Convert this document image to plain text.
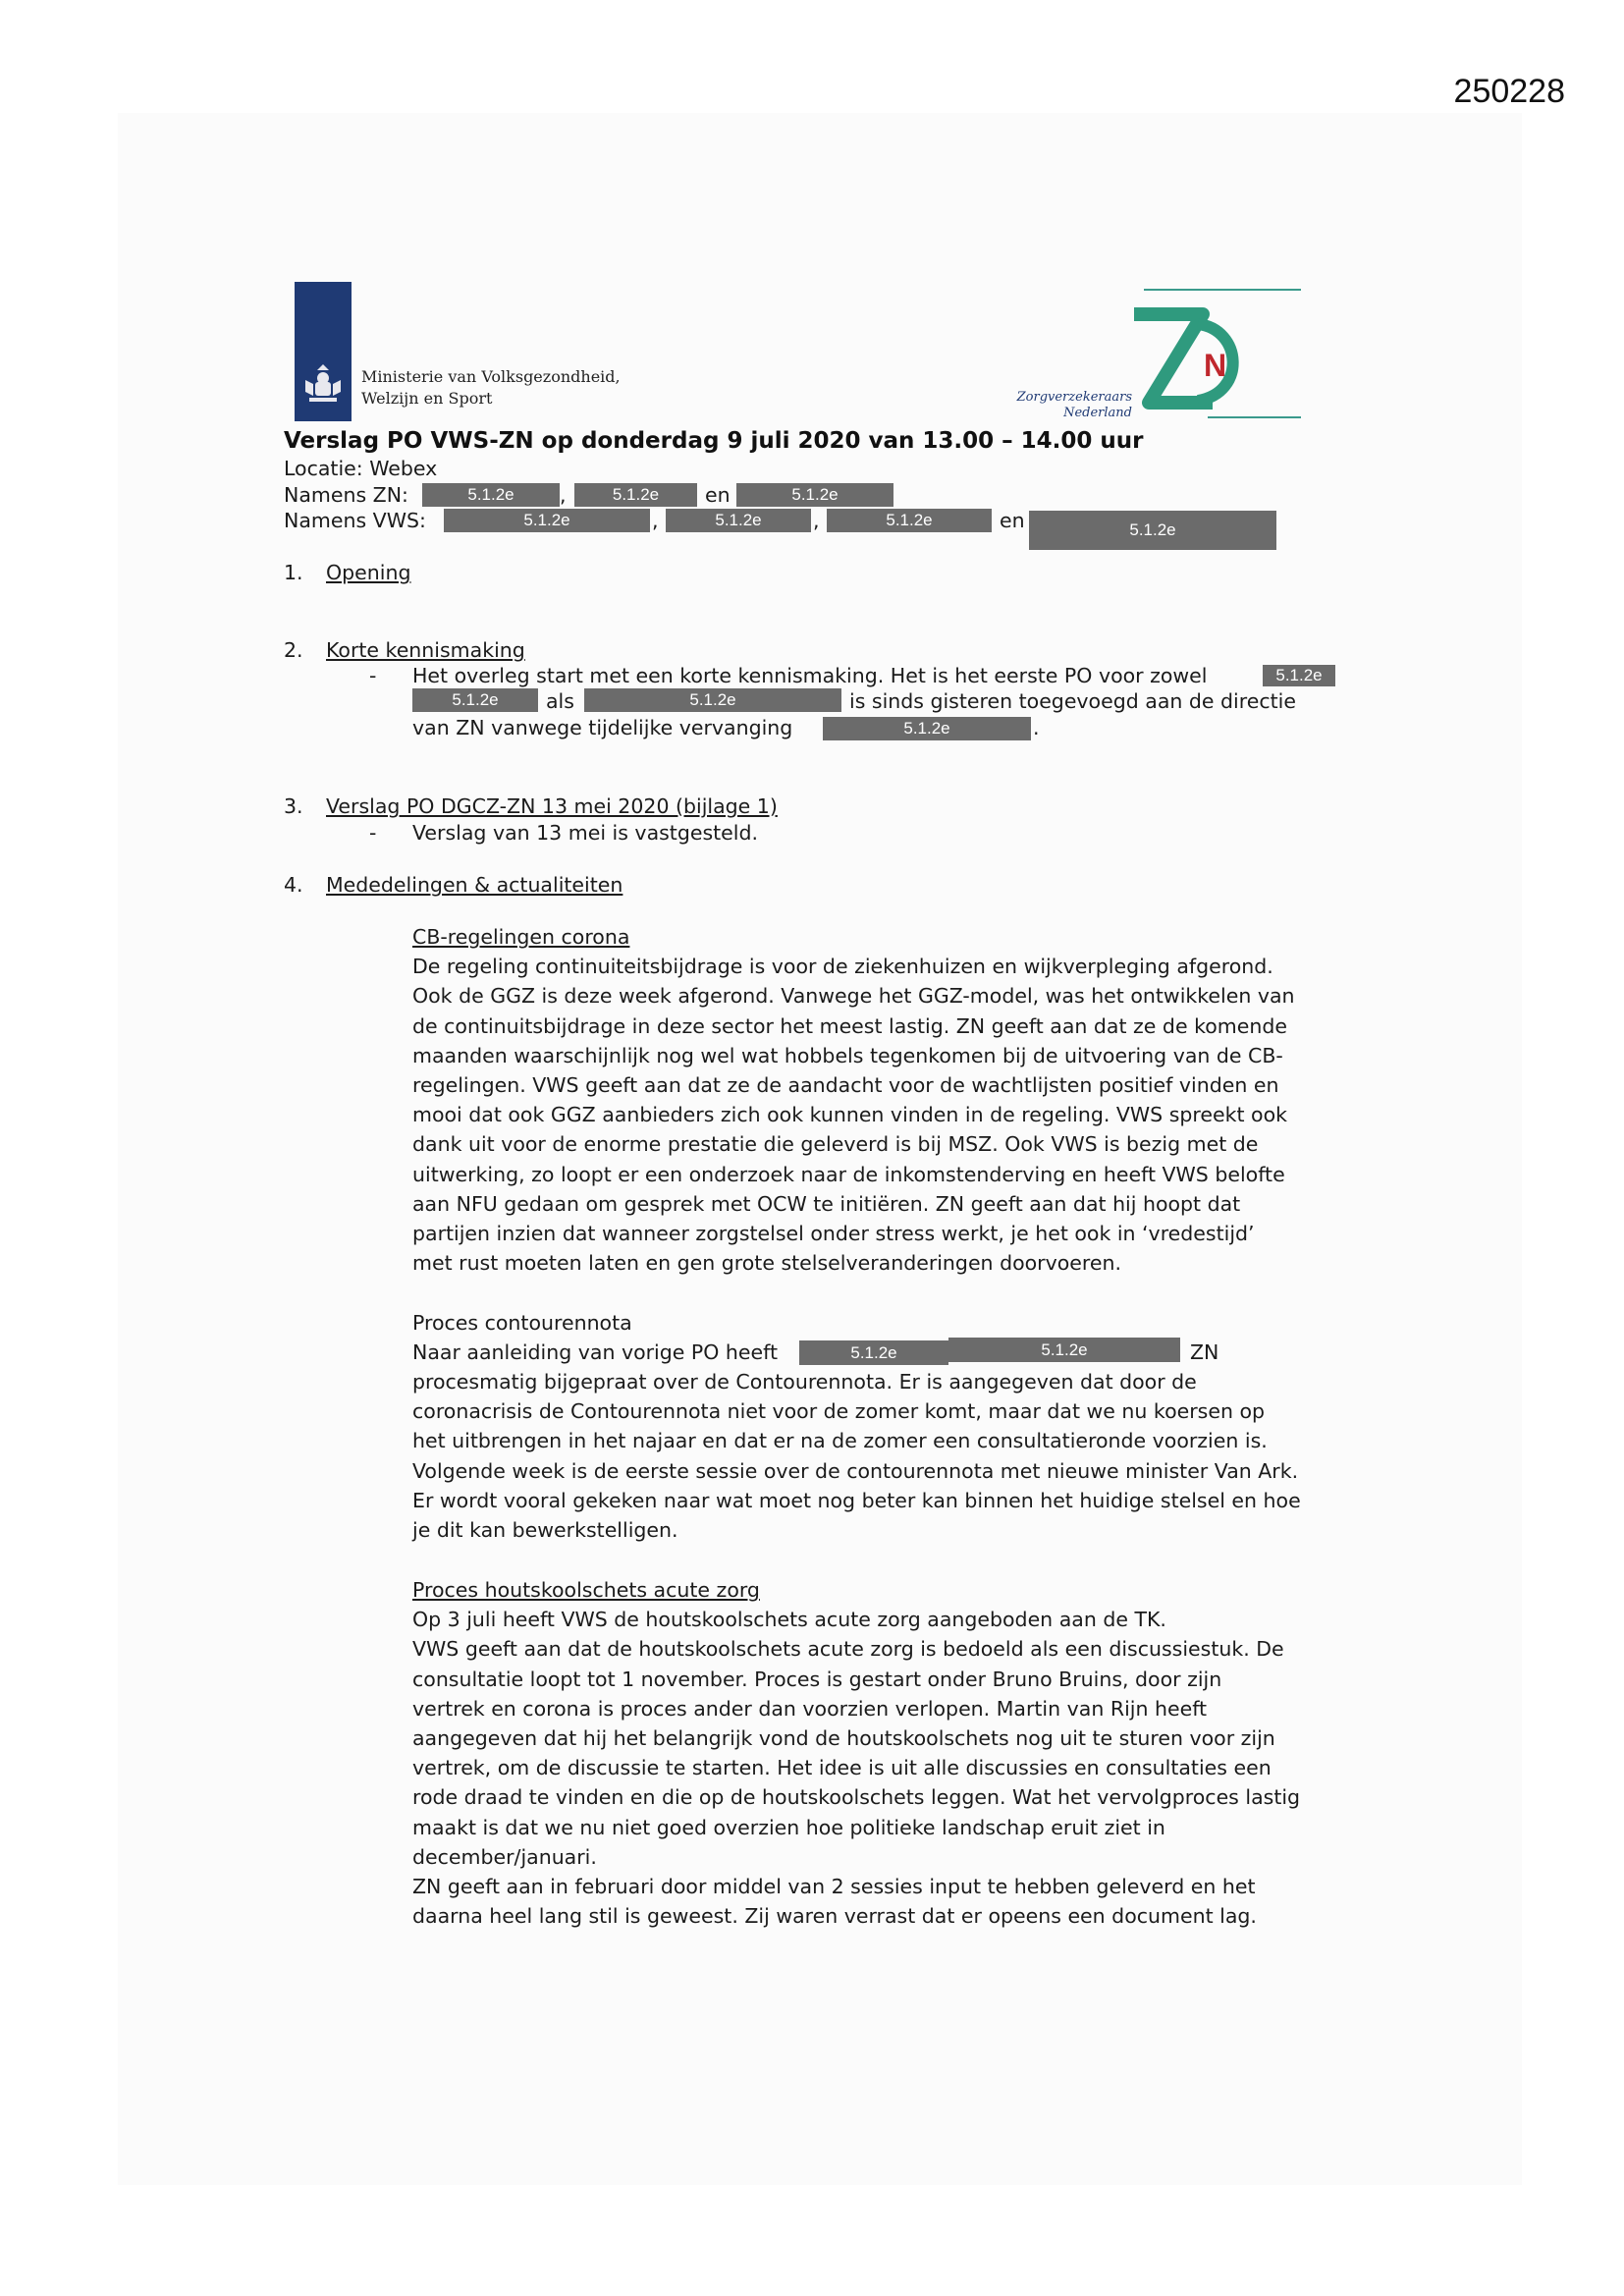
250228
Ministerie van Volksgezondheid,
Welzijn en Sport
N
Zorgverzekeraars
Nederland
Verslag PO VWS-ZN op donderdag 9 juli 2020 van 13.00 – 14.00 uur
Locatie: Webex
Namens ZN:	5.1.2e	,	5.1.2e	en	5.1.2e
Namens VWS:	5.1.2e	,	5.1.2e	,	5.1.2e	en	5.1.2e
1. Opening
2. Korte kennismaking
- Het overleg start met een korte kennismaking. Het is het eerste PO voor zowel	5.1.2e
5.1.2e	als	5.1.2e	is sinds gisteren toegevoegd aan de directie
van ZN vanwege tijdelijke vervanging	5.1.2e	.
3. Verslag PO DGCZ-ZN 13 mei 2020 (bijlage 1)
- Verslag van 13 mei is vastgesteld.
4. Mededelingen & actualiteiten
CB-regelingen corona
De regeling continuiteitsbijdrage is voor de ziekenhuizen en wijkverpleging afgerond.
Ook de GGZ is deze week afgerond. Vanwege het GGZ-model, was het ontwikkelen van
de continuitsbijdrage in deze sector het meest lastig. ZN geeft aan dat ze de komende
maanden waarschijnlijk nog wel wat hobbels tegenkomen bij de uitvoering van de CB-
regelingen. VWS geeft aan dat ze de aandacht voor de wachtlijsten positief vinden en
mooi dat ook GGZ aanbieders zich ook kunnen vinden in de regeling. VWS spreekt ook
dank uit voor de enorme prestatie die geleverd is bij MSZ. Ook VWS is bezig met de
uitwerking, zo loopt er een onderzoek naar de inkomstenderving en heeft VWS belofte
aan NFU gedaan om gesprek met OCW te initiëren. ZN geeft aan dat hij hoopt dat
partijen inzien dat wanneer zorgstelsel onder stress werkt, je het ook in ‘vredestijd’
met rust moeten laten en gen grote stelselveranderingen doorvoeren.
Proces contourennota
Naar aanleiding van vorige PO heeft	5.1.2e	5.1.2e	ZN
procesmatig bijgepraat over de Contourennota. Er is aangegeven dat door de
coronacrisis de Contourennota niet voor de zomer komt, maar dat we nu koersen op
het uitbrengen in het najaar en dat er na de zomer een consultatieronde voorzien is.
Volgende week is de eerste sessie over de contourennota met nieuwe minister Van Ark.
Er wordt vooral gekeken naar wat moet nog beter kan binnen het huidige stelsel en hoe
je dit kan bewerkstelligen.
Proces houtskoolschets acute zorg
Op 3 juli heeft VWS de houtskoolschets acute zorg aangeboden aan de TK.
VWS geeft aan dat de houtskoolschets acute zorg is bedoeld als een discussiestuk. De
consultatie loopt tot 1 november. Proces is gestart onder Bruno Bruins, door zijn
vertrek en corona is proces ander dan voorzien verlopen. Martin van Rijn heeft
aangegeven dat hij het belangrijk vond de houtskoolschets nog uit te sturen voor zijn
vertrek, om de discussie te starten. Het idee is uit alle discussies en consultaties een
rode draad te vinden en die op de houtskoolschets leggen. Wat het vervolgproces lastig
maakt is dat we nu niet goed overzien hoe politieke landschap eruit ziet in
december/januari.
ZN geeft aan in februari door middel van 2 sessies input te hebben geleverd en het
daarna heel lang stil is geweest. Zij waren verrast dat er opeens een document lag.
